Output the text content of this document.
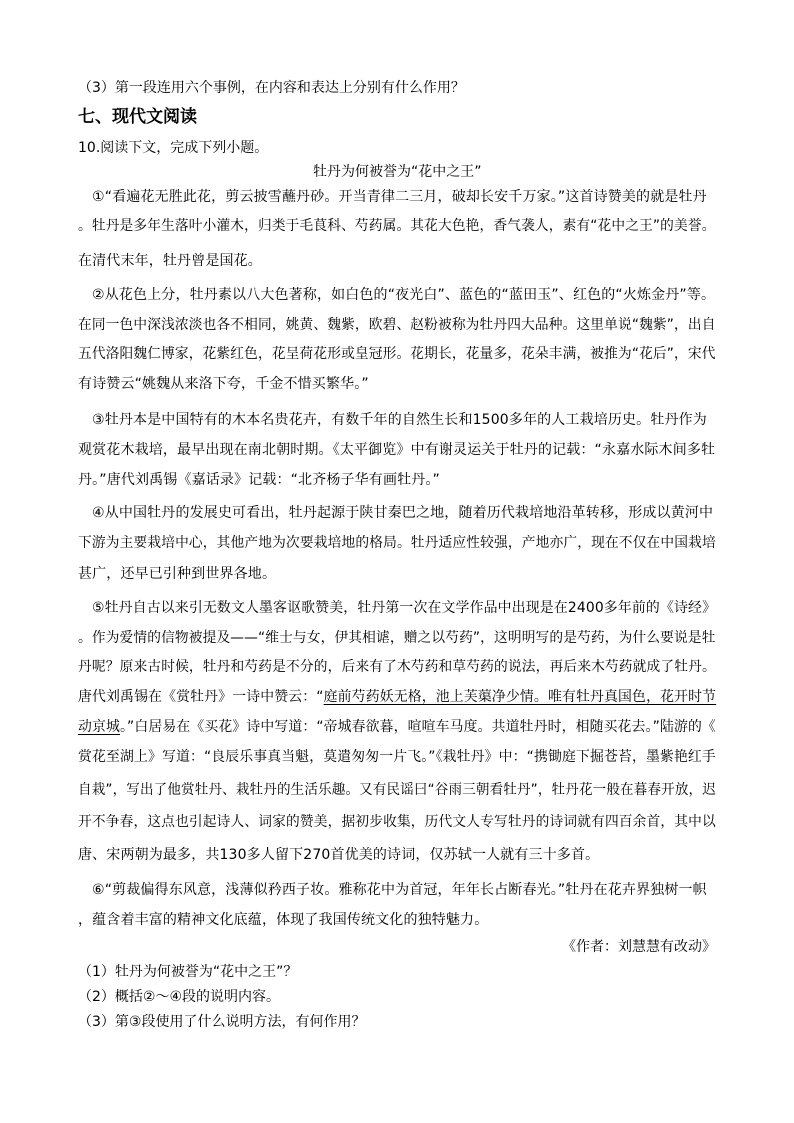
（3）第一段连用六个事例，在内容和表达上分别有什么作用？
七、现代文阅读
10.阅读下文，完成下列小题。
牡丹为何被誉为“花中之王”
①“看遍花无胜此花，剪云披雪蘸丹砂。开当青律二三月，破却长安千万家。”这首诗赞美的就是牡丹
。牡丹是多年生落叶小灌木，归类于毛茛科、芍药属。其花大色艳，香气袭人，素有“花中之王”的美誉。
在清代末年，牡丹曾是国花。
②从花色上分，牡丹素以八大色著称，如白色的“夜光白”、蓝色的“蓝田玉”、红色的“火炼金丹”等。
在同一色中深浅浓淡也各不相同，姚黄、魏紫，欧碧、赵粉被称为牡丹四大品种。这里单说“魏紫”，出自
五代洛阳魏仁博家，花紫红色，花呈荷花形或皇冠形。花期长，花量多，花朵丰满，被推为“花后”，宋代
有诗赞云“姚魏从来洛下夸，千金不惜买繁华。”
③牡丹本是中国特有的木本名贵花卉，有数千年的自然生长和1500多年的人工栽培历史。牡丹作为
观赏花木栽培，最早出现在南北朝时期。《太平御览》中有谢灵运关于牡丹的记载：“永嘉水际木间多牡
丹。”唐代刘禹锡《嘉话录》记载：“北齐杨子华有画牡丹。”
④从中国牡丹的发展史可看出，牡丹起源于陕甘秦巴之地，随着历代栽培地沿革转移，形成以黄河中
下游为主要栽培中心，其他产地为次要栽培地的格局。牡丹适应性较强，产地亦广，现在不仅在中国栽培
甚广，还早已引种到世界各地。
⑤牡丹自古以来引无数文人墨客讴歌赞美，牡丹第一次在文学作品中出现是在2400多年前的《诗经》
。作为爱情的信物被提及——“维士与女，伊其相谑，赠之以芍药”，这明明写的是芍药，为什么要说是牡
丹呢？原来古时候，牡丹和芍药是不分的，后来有了木芍药和草芍药的说法，再后来木芍药就成了牡丹。
唐代刘禹锡在《赏牡丹》一诗中赞云：“庭前芍药妖无格，池上芙蕖净少情。唯有牡丹真国色，花开时节
动京城。”白居易在《买花》诗中写道：“帝城春欲暮，喧喧车马度。共道牡丹时，相随买花去。”陆游的《
赏花至湖上》写道：“良辰乐事真当魁，莫遣匆匆一片飞。”《栽牡丹》中：“携锄庭下掘苍苔，墨紫艳红手
自栽”，写出了他赏牡丹、栽牡丹的生活乐趣。又有民谣曰“谷雨三朝看牡丹”，牡丹花一般在暮春开放，迟
开不争春，这点也引起诗人、词家的赞美，据初步收集，历代文人专写牡丹的诗词就有四百余首，其中以
唐、宋两朝为最多，共130多人留下270首优美的诗词，仅苏轼一人就有三十多首。
⑥“剪裁偏得东风意，浅薄似矜西子妆。雅称花中为首冠，年年长占断春光。”牡丹在花卉界独树一帜
，蕴含着丰富的精神文化底蕴，体现了我国传统文化的独特魅力。
《作者：刘慧慧有改动》
（1）牡丹为何被誉为“花中之王”？
（2）概括②～④段的说明内容。
（3）第③段使用了什么说明方法，有何作用？
